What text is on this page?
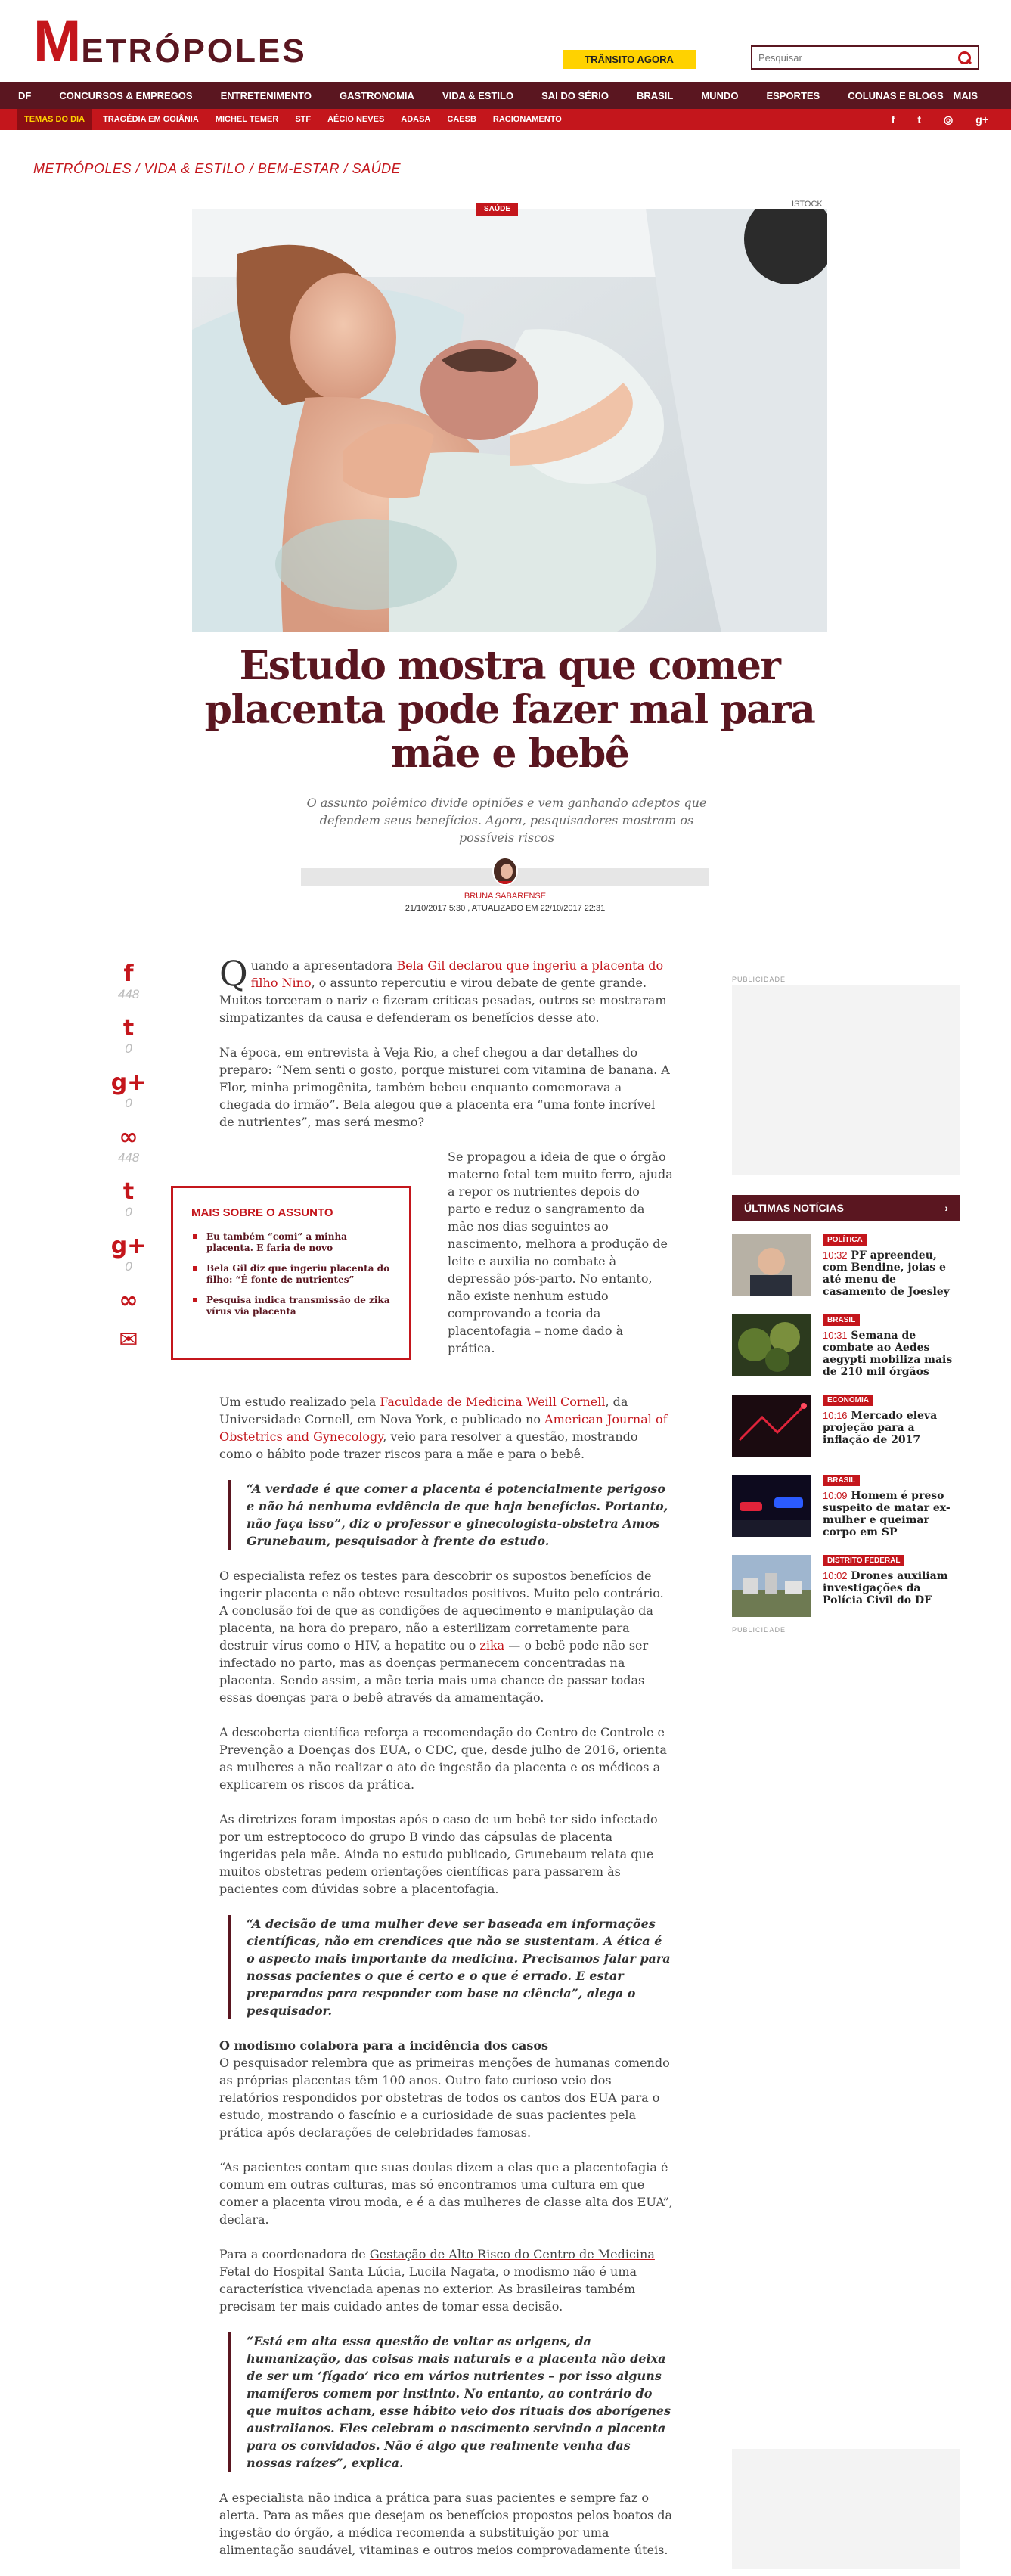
M ETRÓPOLES	TRÂNSITO AGORA
Pesquisar
DF	CONCURSOS & EMPREGOS	ENTRETENIMENTO	GASTRONOMIA	VIDA & ESTILO	SAI DO SÉRIO	BRASIL	MUNDO	ESPORTES	COLUNAS E BLOGS MAIS
TEMAS DO DIA	TRAGÉDIA EM GOIÂNIA MICHEL TEMER STF AÉCIO NEVES ADASA CAESB RACIONAMENTO	f t ◎ g+
METRÓPOLES / VIDA & ESTILO / BEM-ESTAR / SAÚDE
SAÚDE
ISTOCK
Estudo mostra que comer placenta pode fazer mal para mãe e bebê

O assunto polêmico divide opiniões e vem ganhando adeptos que defendem seus benefícios. Agora, pesquisadores mostram os possíveis riscos

BRUNA SABARENSE
21/10/2017 5:30 , ATUALIZADO EM 22/10/2017 22:31
f
448
t
0
g+
0
∞
448
t
0
g+
0
∞
✉
MAIS SOBRE O ASSUNTO
Eu também “comi” a minha placenta. E faria de novo
Bela Gil diz que ingeriu placenta do filho: “É fonte de nutrientes”
Pesquisa indica transmissão de zika vírus via placenta

Quando a apresentadora Bela Gil declarou que ingeriu a placenta do filho Nino, o assunto repercutiu e virou debate de gente grande. Muitos torceram o nariz e fizeram críticas pesadas, outros se mostraram simpatizantes da causa e defenderam os benefícios desse ato.

Na época, em entrevista à Veja Rio, a chef chegou a dar detalhes do preparo: “Nem senti o gosto, porque misturei com vitamina de banana. A Flor, minha primogênita, também bebeu enquanto comemorava a chegada do irmão”. Bela alegou que a placenta era “uma fonte incrível de nutrientes”, mas será mesmo?

Se propagou a ideia de que o órgão materno fetal tem muito ferro, ajuda a repor os nutrientes depois do parto e reduz o sangramento da mãe nos dias seguintes ao nascimento, melhora a produção de leite e auxilia no combate à depressão pós-parto. No entanto, não existe nenhum estudo comprovando a teoria da placentofagia – nome dado à prática.

Um estudo realizado pela Faculdade de Medicina Weill Cornell, da Universidade Cornell, em Nova York, e publicado no American Journal of Obstetrics and Gynecology, veio para resolver a questão, mostrando como o hábito pode trazer riscos para a mãe e para o bebê.

“A verdade é que comer a placenta é potencialmente perigoso e não há nenhuma evidência de que haja benefícios. Portanto, não faça isso”, diz o professor e ginecologista-obstetra Amos Grunebaum, pesquisador à frente do estudo.

O especialista refez os testes para descobrir os supostos benefícios de ingerir placenta e não obteve resultados positivos. Muito pelo contrário. A conclusão foi de que as condições de aquecimento e manipulação da placenta, na hora do preparo, não a esterilizam corretamente para destruir vírus como o HIV, a hepatite ou o zika — o bebê pode não ser infectado no parto, mas as doenças permanecem concentradas na placenta. Sendo assim, a mãe teria mais uma chance de passar todas essas doenças para o bebê através da amamentação.

A descoberta científica reforça a recomendação do Centro de Controle e Prevenção a Doenças dos EUA, o CDC, que, desde julho de 2016, orienta as mulheres a não realizar o ato de ingestão da placenta e os médicos a explicarem os riscos da prática.

As diretrizes foram impostas após o caso de um bebê ter sido infectado por um estreptococo do grupo B vindo das cápsulas de placenta ingeridas pela mãe. Ainda no estudo publicado, Grunebaum relata que muitos obstetras pedem orientações científicas para passarem às pacientes com dúvidas sobre a placentofagia.

“A decisão de uma mulher deve ser baseada em informações científicas, não em crendices que não se sustentam. A ética é o aspecto mais importante da medicina. Precisamos falar para nossas pacientes o que é certo e o que é errado. E estar preparados para responder com base na ciência”, alega o pesquisador.
O modismo colabora para a incidência dos casos

O pesquisador relembra que as primeiras menções de humanas comendo as próprias placentas têm 100 anos. Outro fato curioso veio dos relatórios respondidos por obstetras de todos os cantos dos EUA para o estudo, mostrando o fascínio e a curiosidade de suas pacientes pela prática após declarações de celebridades famosas.

“As pacientes contam que suas doulas dizem a elas que a placentofagia é comum em outras culturas, mas só encontramos uma cultura em que comer a placenta virou moda, e é a das mulheres de classe alta dos EUA”, declara.

Para a coordenadora de Gestação de Alto Risco do Centro de Medicina Fetal do Hospital Santa Lúcia, Lucila Nagata, o modismo não é uma característica vivenciada apenas no exterior. As brasileiras também precisam ter mais cuidado antes de tomar essa decisão.

“Está em alta essa questão de voltar as origens, da humanização, das coisas mais naturais e a placenta não deixa de ser um ‘fígado’ rico em vários nutrientes – por isso alguns mamíferos comem por instinto. No entanto, ao contrário do que muitos acham, esse hábito veio dos rituais dos aborígenes australianos. Eles celebram o nascimento servindo a placenta para os convidados. Não é algo que realmente venha das nossas raízes”, explica.

A especialista não indica a prática para suas pacientes e sempre faz o alerta. Para as mães que desejam os benefícios propostos pelos boatos da ingestão do órgão, a médica recomenda a substituição por uma alimentação saudável, vitaminas e outros meios comprovadamente úteis.

PUBLICIDADE
ÚLTIMAS NOTÍCIAS	›
POLÍTICA
10:32 PF apreendeu, com Bendine, joias e até menu de casamento de Joesley
BRASIL
10:31 Semana de combate ao Aedes aegypti mobiliza mais de 210 mil órgãos
ECONOMIA
10:16 Mercado eleva projeção para a inflação de 2017
BRASIL
10:09 Homem é preso suspeito de matar ex-mulher e queimar corpo em SP
DISTRITO FEDERAL
10:02 Drones auxiliam investigações da Polícia Civil do DF
PUBLICIDADE
